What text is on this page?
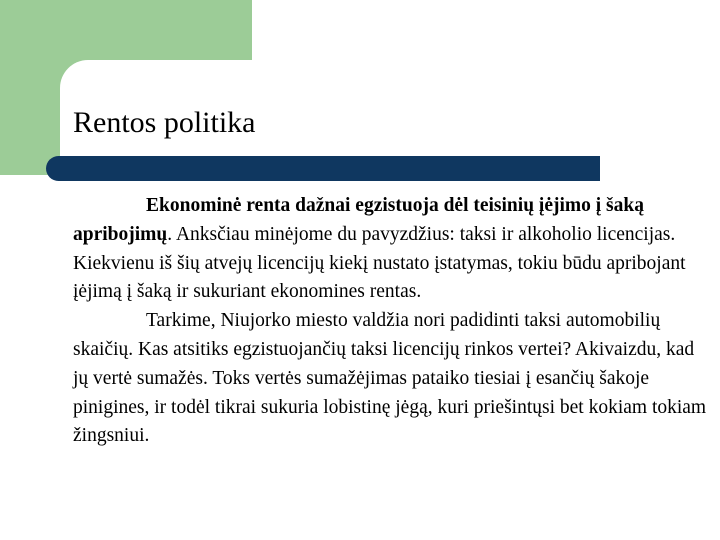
Rentos politika

Ekonominė renta dažnai egzistuoja dėl teisinių įėjimo į šaką apribojimų. Anksčiau minėjome du pavyzdžius: taksi ir alkoholio licencijas. Kiekvienu iš šių atvejų licencijų kiekį nustato įstatymas, tokiu būdu apribojant įėjimą į šaką ir sukuriant ekonomines rentas.

Tarkime, Niujorko miesto valdžia nori padidinti taksi automobilių skaičių. Kas atsitiks egzistuojančių taksi licencijų rinkos vertei? Akivaizdu, kad jų vertė sumažės. Toks vertės sumažėjimas pataiko tiesiai į esančių šakoje pinigines, ir todėl tikrai sukuria lobistinę jėgą, kuri priešintųsi bet kokiam tokiam žingsniui.
